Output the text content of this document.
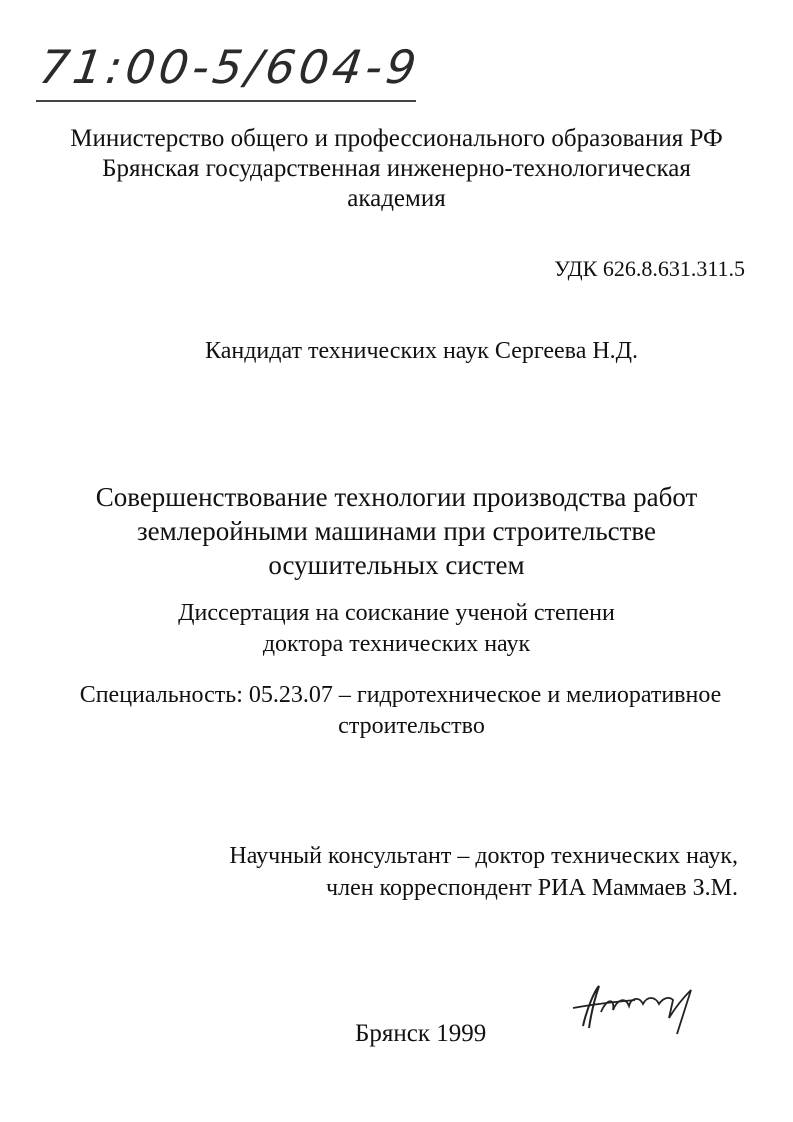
71:00-5/604-9
Министерство общего и профессионального образования РФ
Брянская государственная инженерно-технологическая
академия
УДК 626.8.631.311.5
Кандидат технических наук Сергеева Н.Д.
Совершенствование технологии производства работ
землеройными машинами при строительстве
осушительных систем
Диссертация на соискание ученой степени
доктора технических наук
Специальность: 05.23.07 – гидротехническое и мелиоративное
строительство
Научный консультант – доктор технических наук,
член корреспондент РИА Маммаев З.М.
Брянск 1999
